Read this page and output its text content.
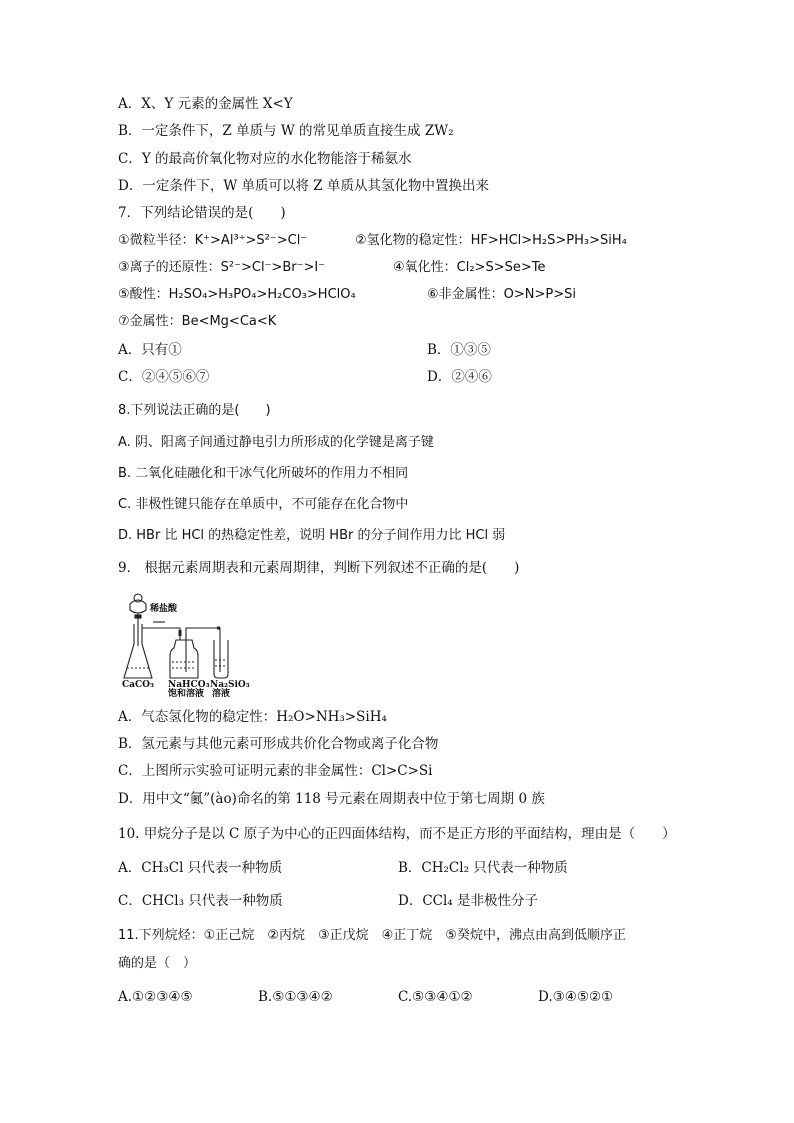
A．X、Y 元素的金属性 X<Y
B．一定条件下，Z 单质与 W 的常见单质直接生成 ZW₂
C．Y 的最高价氧化物对应的水化物能溶于稀氨水
D．一定条件下，W 单质可以将 Z 单质从其氢化物中置换出来
7．下列结论错误的是(　　)
①微粒半径：K⁺>Al³⁺>S²⁻>Cl⁻	②氢化物的稳定性：HF>HCl>H₂S>PH₃>SiH₄
③离子的还原性：S²⁻>Cl⁻>Br⁻>I⁻	④氧化性：Cl₂>S>Se>Te
⑤酸性：H₂SO₄>H₃PO₄>H₂CO₃>HClO₄	⑥非金属性：O>N>P>Si
⑦金属性：Be<Mg<Ca<K
A．只有①	B．①③⑤
C．②④⑤⑥⑦	D．②④⑥
8.下列说法正确的是(　　)
A. 阴、阳离子间通过静电引力所形成的化学键是离子键
B. 二氧化硅融化和干冰气化所破坏的作用力不相同
C. 非极性键只能存在单质中，不可能存在化合物中
D. HBr 比 HCl 的热稳定性差，说明 HBr 的分子间作用力比 HCl 弱
9． 根据元素周期表和元素周期律，判断下列叙述不正确的是(　　)
稀盐酸
CaCO₃ NaHCO₃
饱和溶液
Na₂SiO₃
溶液
A．气态氢化物的稳定性：H₂O>NH₃>SiH₄
B．氢元素与其他元素可形成共价化合物或离子化合物
C．上图所示实验可证明元素的非金属性：Cl>C>Si
D．用中文“鿫”(ào)命名的第 118 号元素在周期表中位于第七周期 0 族
10. 甲烷分子是以 C 原子为中心的正四面体结构，而不是正方形的平面结构，理由是（　　）
A．CH₃Cl 只代表一种物质	B．CH₂Cl₂ 只代表一种物质
C．CHCl₃ 只代表一种物质	D．CCl₄ 是非极性分子
11.下列烷烃：①正己烷　②丙烷　③正戊烷　④正丁烷　⑤癸烷中，沸点由高到低顺序正
确的是（　）
A.①②③④⑤	B.⑤①③④②	C.⑤③④①②	D.③④⑤②①
